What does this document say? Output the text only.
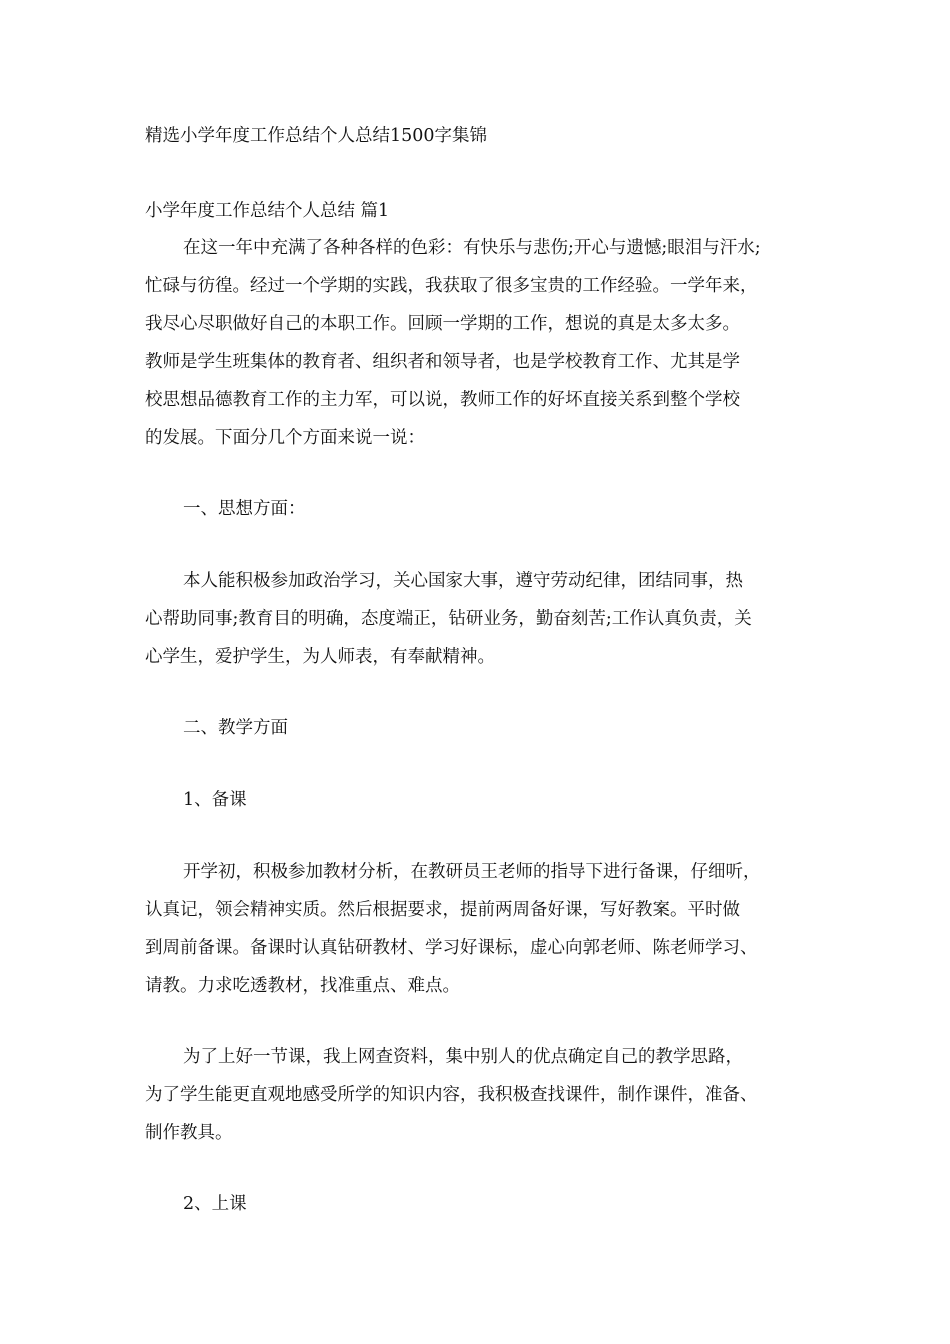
精选小学年度工作总结个人总结1500字集锦
小学年度工作总结个人总结 篇1
在这一年中充满了各种各样的色彩：有快乐与悲伤;开心与遗憾;眼泪与汗水;
忙碌与彷徨。经过一个学期的实践，我获取了很多宝贵的工作经验。一学年来，
我尽心尽职做好自己的本职工作。回顾一学期的工作，想说的真是太多太多。
教师是学生班集体的教育者、组织者和领导者，也是学校教育工作、尤其是学
校思想品德教育工作的主力军，可以说，教师工作的好坏直接关系到整个学校
的发展。下面分几个方面来说一说：
一、思想方面：
本人能积极参加政治学习，关心国家大事，遵守劳动纪律，团结同事，热
心帮助同事;教育目的明确，态度端正，钻研业务，勤奋刻苦;工作认真负责，关
心学生，爱护学生，为人师表，有奉献精神。
二、教学方面
1、备课
开学初，积极参加教材分析，在教研员王老师的指导下进行备课，仔细听，
认真记，领会精神实质。然后根据要求，提前两周备好课，写好教案。平时做
到周前备课。备课时认真钻研教材、学习好课标，虚心向郭老师、陈老师学习、
请教。力求吃透教材，找准重点、难点。
为了上好一节课，我上网查资料，集中别人的优点确定自己的教学思路，
为了学生能更直观地感受所学的知识内容，我积极查找课件，制作课件，准备、
制作教具。
2、上课
